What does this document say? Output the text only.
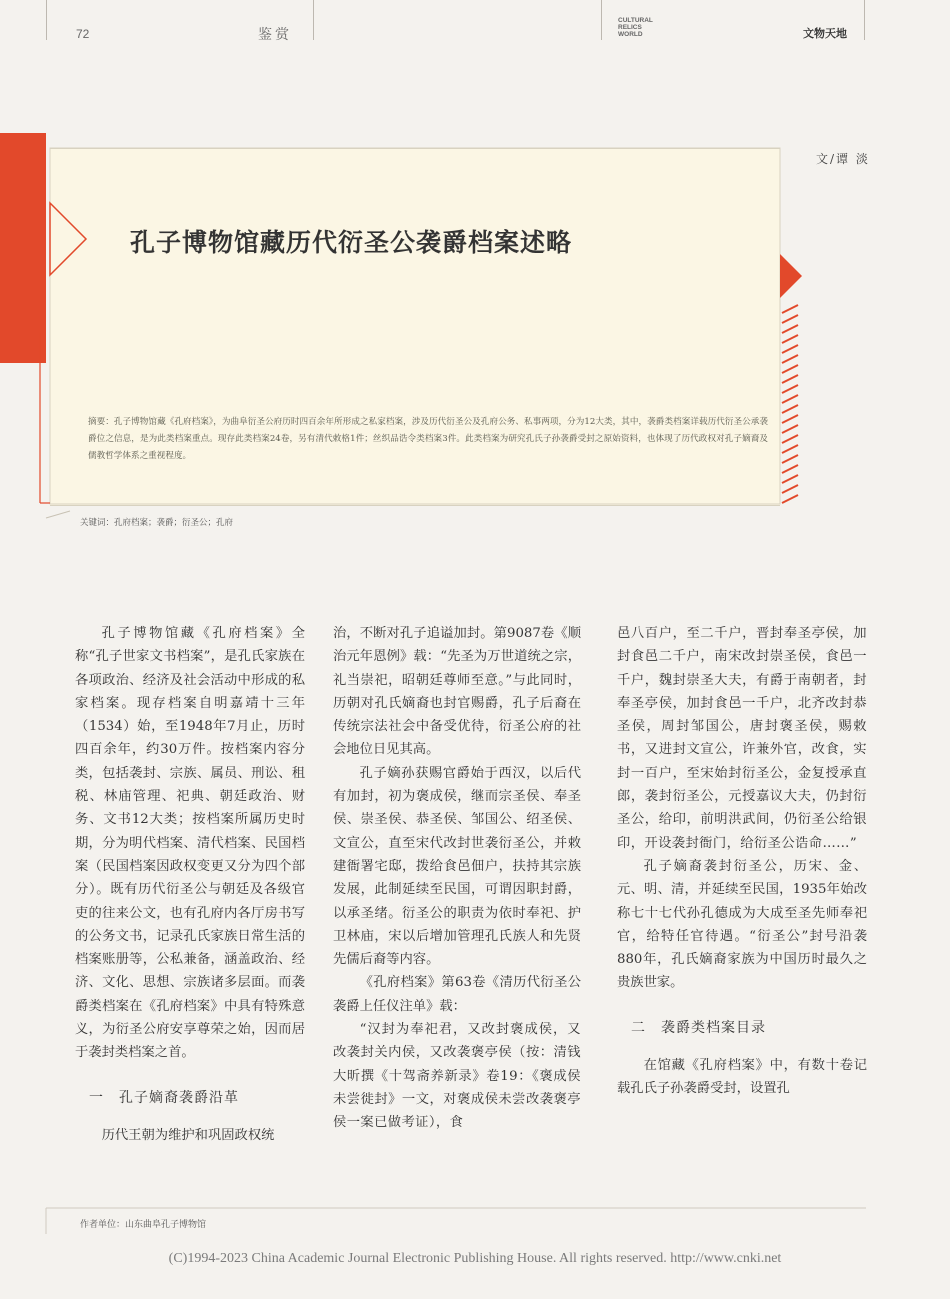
72	鉴赏
CULTURAL
RELICS
WORLD	文物天地
文/谭 淡
孔子博物馆藏历代衍圣公袭爵档案述略
摘要：孔子博物馆藏《孔府档案》，为曲阜衍圣公府历时四百余年所形成之私家档案，涉及历代衍圣公及孔府公务、私事两项，分为12大类，其中，袭爵类档案详载历代衍圣公承袭爵位之信息，是为此类档案重点。现存此类档案24卷，另有清代敕格1件；丝织品诰令类档案3件。此类档案为研究孔氏子孙袭爵受封之原始资料，也体现了历代政权对孔子嫡裔及儒教哲学体系之重视程度。
关键词：孔府档案；袭爵；衍圣公；孔府

孔子博物馆藏《孔府档案》全称“孔子世家文书档案”，是孔氏家族在各项政治、经济及社会活动中形成的私家档案。现存档案自明嘉靖十三年（1534）始，至1948年7月止，历时四百余年，约30万件。按档案内容分类，包括袭封、宗族、属员、刑讼、租税、林庙管理、祀典、朝廷政治、财务、文书12大类；按档案所属历史时期，分为明代档案、清代档案、民国档案（民国档案因政权变更又分为四个部分）。既有历代衍圣公与朝廷及各级官吏的往来公文，也有孔府内各厅房书写的公务文书，记录孔氏家族日常生活的档案账册等，公私兼备，涵盖政治、经济、文化、思想、宗族诸多层面。而袭爵类档案在《孔府档案》中具有特殊意义，为衍圣公府安享尊荣之始，因而居于袭封类档案之首。

一　孔子嫡裔袭爵沿革

历代王朝为维护和巩固政权统

治，不断对孔子追谥加封。第9087卷《顺治元年恩例》载：“先圣为万世道统之宗，礼当崇祀，昭朝廷尊师至意。”与此同时，历朝对孔氏嫡裔也封官赐爵，孔子后裔在传统宗法社会中备受优待，衍圣公府的社会地位日见其高。

孔子嫡孙获赐官爵始于西汉，以后代有加封，初为褒成侯，继而宗圣侯、奉圣侯、崇圣侯、恭圣侯、邹国公、绍圣侯、文宣公，直至宋代改封世袭衍圣公，并敕建衙署宅邸，拨给食邑佃户，扶持其宗族发展，此制延续至民国，可谓因职封爵，以承圣绪。衍圣公的职责为依时奉祀、护卫林庙，宋以后增加管理孔氏族人和先贤先儒后裔等内容。

《孔府档案》第63卷《清历代衍圣公袭爵上任仪注单》载：

“汉封为奉祀君，又改封褒成侯，又改袭封关内侯，又改袭褒亭侯（按：清钱大昕撰《十驾斋养新录》卷19：《褒成侯未尝徙封》一文，对褒成侯未尝改袭褒亭侯一案已做考证），食

邑八百户，至二千户，晋封奉圣亭侯，加封食邑二千户，南宋改封崇圣侯，食邑一千户，魏封崇圣大夫，有爵于南朝者，封奉圣亭侯，加封食邑一千户，北齐改封恭圣侯，周封邹国公，唐封褒圣侯，赐敕书，又进封文宣公，许兼外官，改食，实封一百户，至宋始封衍圣公，金复授承直郎，袭封衍圣公，元授嘉议大夫，仍封衍圣公，给印，前明洪武间，仍衍圣公给银印，开设袭封衙门，给衍圣公诰命……”

孔子嫡裔袭封衍圣公，历宋、金、元、明、清，并延续至民国，1935年始改称七十七代孙孔德成为大成至圣先师奉祀官，给特任官待遇。“衍圣公”封号沿袭880年，孔氏嫡裔家族为中国历时最久之贵族世家。

二　袭爵类档案目录

在馆藏《孔府档案》中，有数十卷记载孔氏子孙袭爵受封，设置孔

作者单位：山东曲阜孔子博物馆
(C)1994-2023 China Academic Journal Electronic Publishing House. All rights reserved. http://www.cnki.net
